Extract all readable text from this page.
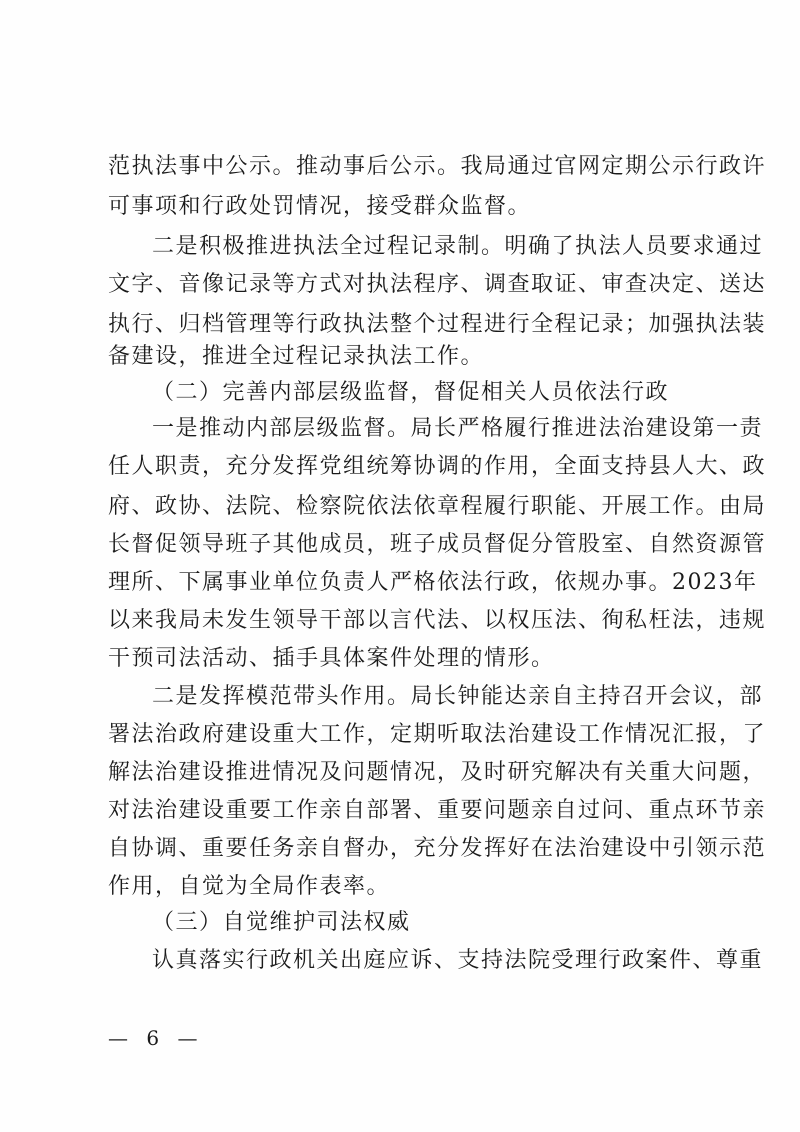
范执法事中公示。推动事后公示。我局通过官网定期公示行政许
可事项和行政处罚情况，接受群众监督。
二是积极推进执法全过程记录制。明确了执法人员要求通过
文字、音像记录等方式对执法程序、调查取证、审查决定、送达
执行、归档管理等行政执法整个过程进行全程记录；加强执法装
备建设，推进全过程记录执法工作。
（二）完善内部层级监督，督促相关人员依法行政
一是推动内部层级监督。局长严格履行推进法治建设第一责
任人职责，充分发挥党组统筹协调的作用，全面支持县人大、政
府、政协、法院、检察院依法依章程履行职能、开展工作。由局
长督促领导班子其他成员，班子成员督促分管股室、自然资源管
理所、下属事业单位负责人严格依法行政，依规办事。2023年
以来我局未发生领导干部以言代法、以权压法、徇私枉法，违规
干预司法活动、插手具体案件处理的情形。
二是发挥模范带头作用。局长钟能达亲自主持召开会议，部
署法治政府建设重大工作，定期听取法治建设工作情况汇报，了
解法治建设推进情况及问题情况，及时研究解决有关重大问题，
对法治建设重要工作亲自部署、重要问题亲自过问、重点环节亲
自协调、重要任务亲自督办，充分发挥好在法治建设中引领示范
作用，自觉为全局作表率。
（三）自觉维护司法权威
认真落实行政机关出庭应诉、支持法院受理行政案件、尊重
— 6 —
